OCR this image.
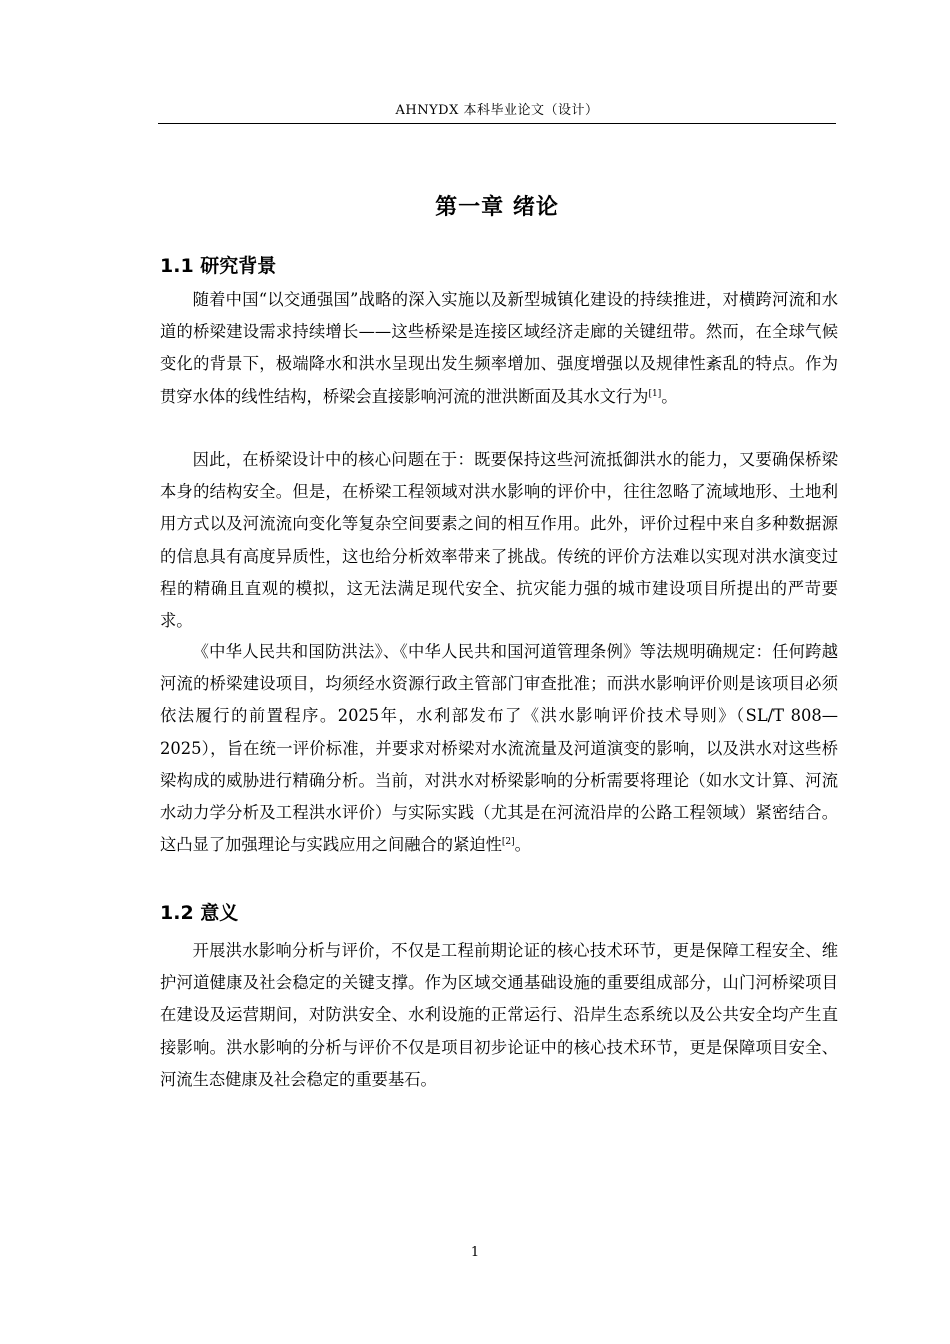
AHNYDX 本科毕业论文（设计）
第一章 绪论
1.1 研究背景

随着中国“以交通强国”战略的深入实施以及新型城镇化建设的持续推进，对横跨河流和水道的桥梁建设需求持续增长——这些桥梁是连接区域经济走廊的关键纽带。然而，在全球气候变化的背景下，极端降水和洪水呈现出发生频率增加、强度增强以及规律性紊乱的特点。作为贯穿水体的线性结构，桥梁会直接影响河流的泄洪断面及其水文行为[1]。

因此，在桥梁设计中的核心问题在于：既要保持这些河流抵御洪水的能力，又要确保桥梁本身的结构安全。但是，在桥梁工程领域对洪水影响的评价中，往往忽略了流域地形、土地利用方式以及河流流向变化等复杂空间要素之间的相互作用。此外，评价过程中来自多种数据源的信息具有高度异质性，这也给分析效率带来了挑战。传统的评价方法难以实现对洪水演变过程的精确且直观的模拟，这无法满足现代安全、抗灾能力强的城市建设项目所提出的严苛要求。

《中华人民共和国防洪法》、《中华人民共和国河道管理条例》等法规明确规定：任何跨越河流的桥梁建设项目，均须经水资源行政主管部门审查批准；而洪水影响评价则是该项目必须依法履行的前置程序。2025年，水利部发布了《洪水影响评价技术导则》（SL/T 808—2025），旨在统一评价标准，并要求对桥梁对水流流量及河道演变的影响，以及洪水对这些桥梁构成的威胁进行精确分析。当前，对洪水对桥梁影响的分析需要将理论（如水文计算、河流水动力学分析及工程洪水评价）与实际实践（尤其是在河流沿岸的公路工程领域）紧密结合。这凸显了加强理论与实践应用之间融合的紧迫性[2]。

1.2 意义

开展洪水影响分析与评价，不仅是工程前期论证的核心技术环节，更是保障工程安全、维护河道健康及社会稳定的关键支撑。作为区域交通基础设施的重要组成部分，山门河桥梁项目在建设及运营期间，对防洪安全、水利设施的正常运行、沿岸生态系统以及公共安全均产生直接影响。洪水影响的分析与评价不仅是项目初步论证中的核心技术环节，更是保障项目安全、河流生态健康及社会稳定的重要基石。

1
